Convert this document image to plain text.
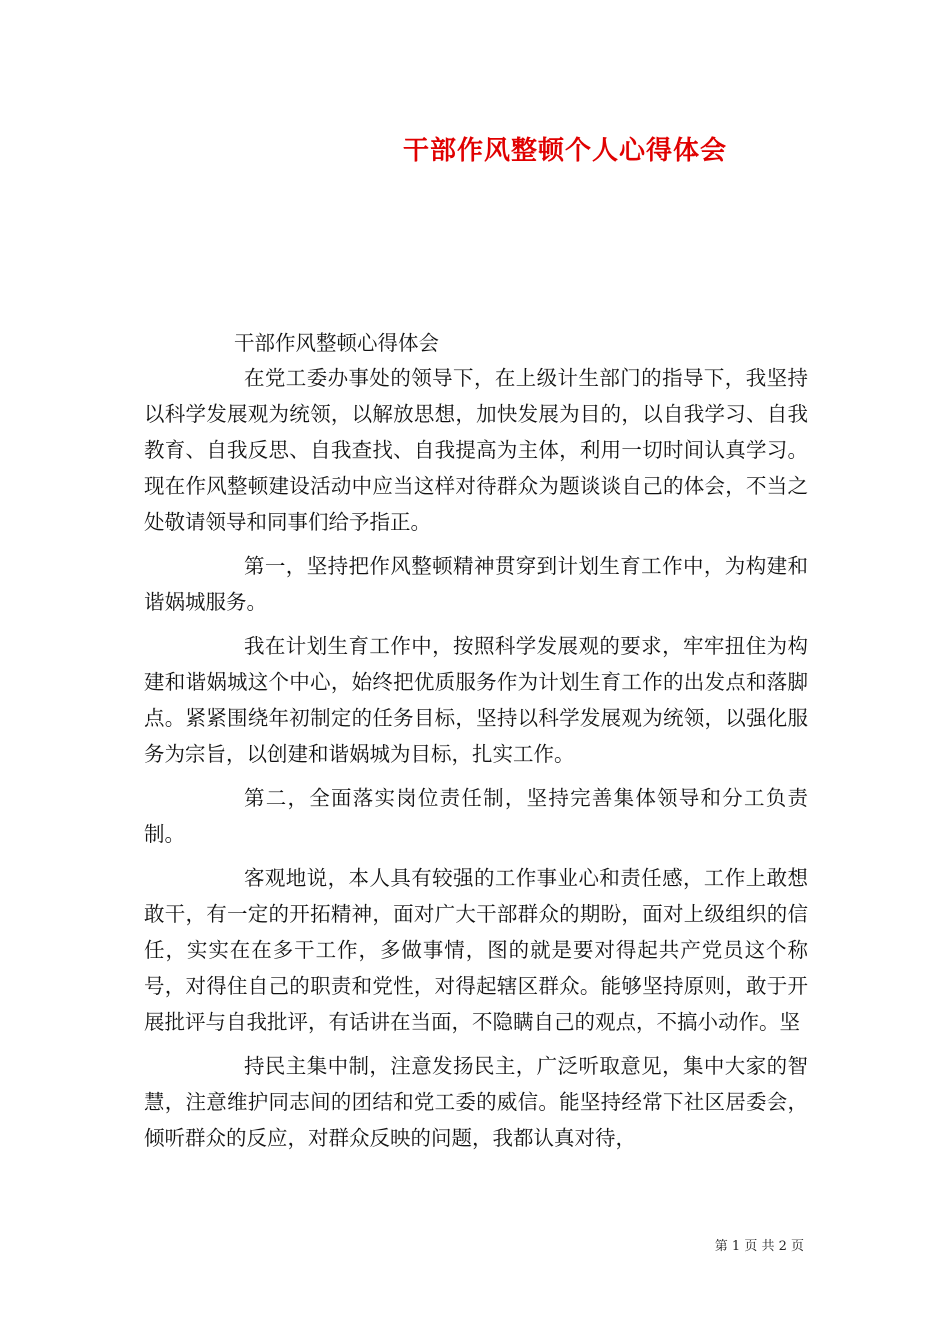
干部作风整顿个人心得体会
干部作风整顿心得体会

在党工委办事处的领导下，在上级计生部门的指导下，我坚持以科学发展观为统领，以解放思想，加快发展为目的，以自我学习、自我教育、自我反思、自我查找、自我提高为主体，利用一切时间认真学习。现在作风整顿建设活动中应当这样对待群众为题谈谈自己的体会，不当之处敬请领导和同事们给予指正。

第一，坚持把作风整顿精神贯穿到计划生育工作中，为构建和谐娲城服务。

我在计划生育工作中，按照科学发展观的要求，牢牢扭住为构建和谐娲城这个中心，始终把优质服务作为计划生育工作的出发点和落脚点。紧紧围绕年初制定的任务目标，坚持以科学发展观为统领，以强化服务为宗旨，以创建和谐娲城为目标，扎实工作。

第二，全面落实岗位责任制，坚持完善集体领导和分工负责制。

客观地说，本人具有较强的工作事业心和责任感，工作上敢想敢干，有一定的开拓精神，面对广大干部群众的期盼，面对上级组织的信任，实实在在多干工作，多做事情，图的就是要对得起共产党员这个称号，对得住自己的职责和党性，对得起辖区群众。能够坚持原则，敢于开展批评与自我批评，有话讲在当面，不隐瞒自己的观点，不搞小动作。坚

持民主集中制，注意发扬民主，广泛听取意见，集中大家的智慧，注意维护同志间的团结和党工委的威信。能坚持经常下社区居委会，倾听群众的反应，对群众反映的问题，我都认真对待，

第 1 页 共 2 页
